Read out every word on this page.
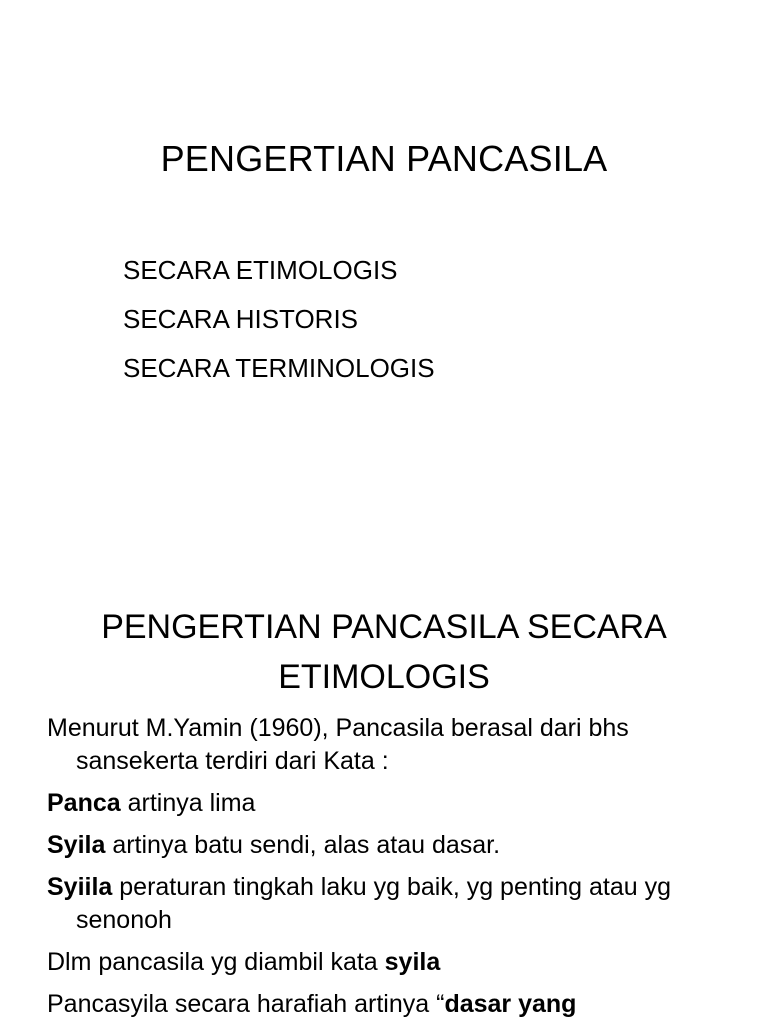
PENGERTIAN PANCASILA
SECARA ETIMOLOGIS
SECARA HISTORIS
SECARA TERMINOLOGIS
PENGERTIAN PANCASILA SECARA
ETIMOLOGIS

Menurut M.Yamin (1960), Pancasila berasal dari bhs sansekerta terdiri dari Kata :

Panca artinya lima

Syila artinya batu sendi, alas atau dasar.

Syiila peraturan tingkah laku yg baik, yg penting atau yg senonoh

Dlm pancasila yg diambil kata syila

Pancasyila secara harafiah artinya “dasar yang
